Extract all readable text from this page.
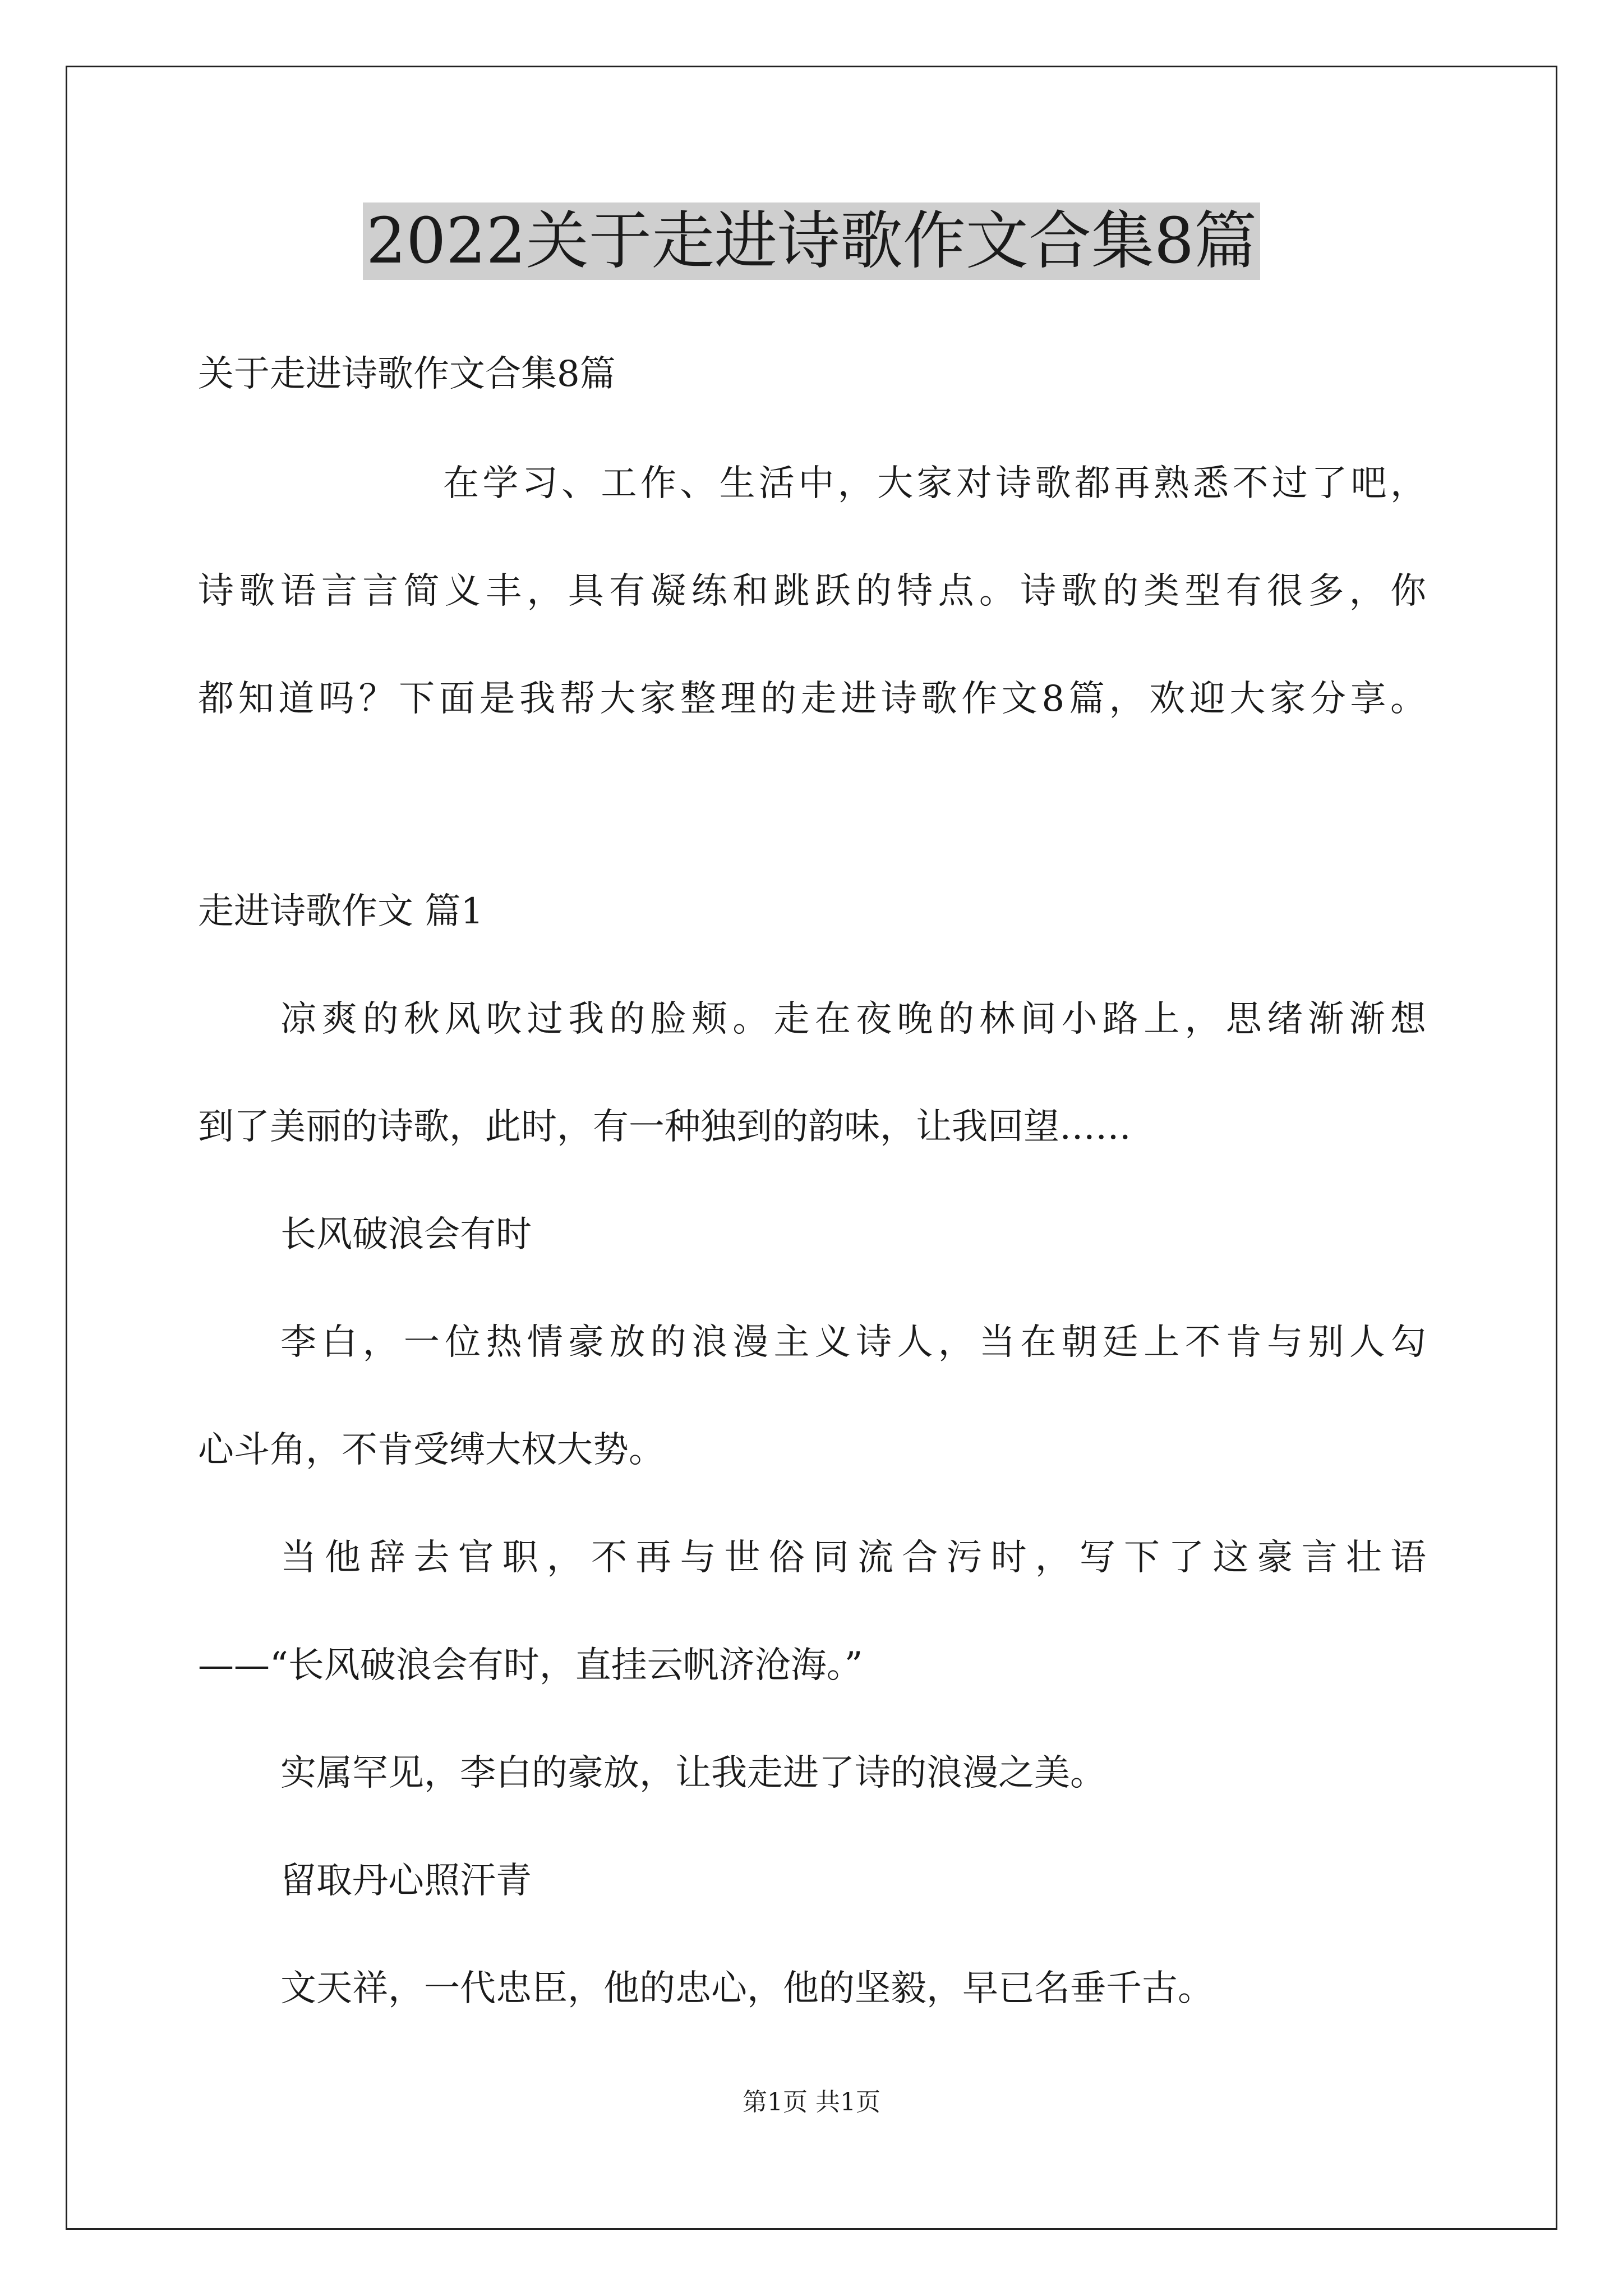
2022关于走进诗歌作文合集8篇
关于走进诗歌作文合集8篇
在学习、工作、生活中，大家对诗歌都再熟悉不过了吧，
诗歌语言言简义丰，具有凝练和跳跃的特点。诗歌的类型有很多，你
都知道吗？下面是我帮大家整理的走进诗歌作文8篇，欢迎大家分享。
走进诗歌作文 篇1
凉爽的秋风吹过我的脸颊。走在夜晚的林间小路上，思绪渐渐想
到了美丽的诗歌，此时，有一种独到的韵味，让我回望……
长风破浪会有时
李白，一位热情豪放的浪漫主义诗人，当在朝廷上不肯与别人勾
心斗角，不肯受缚大权大势。
当他辞去官职，不再与世俗同流合污时，写下了这豪言壮语
——“长风破浪会有时，直挂云帆济沧海。”
实属罕见，李白的豪放，让我走进了诗的浪漫之美。
留取丹心照汗青
文天祥，一代忠臣，他的忠心，他的坚毅，早已名垂千古。
第1页 共1页
